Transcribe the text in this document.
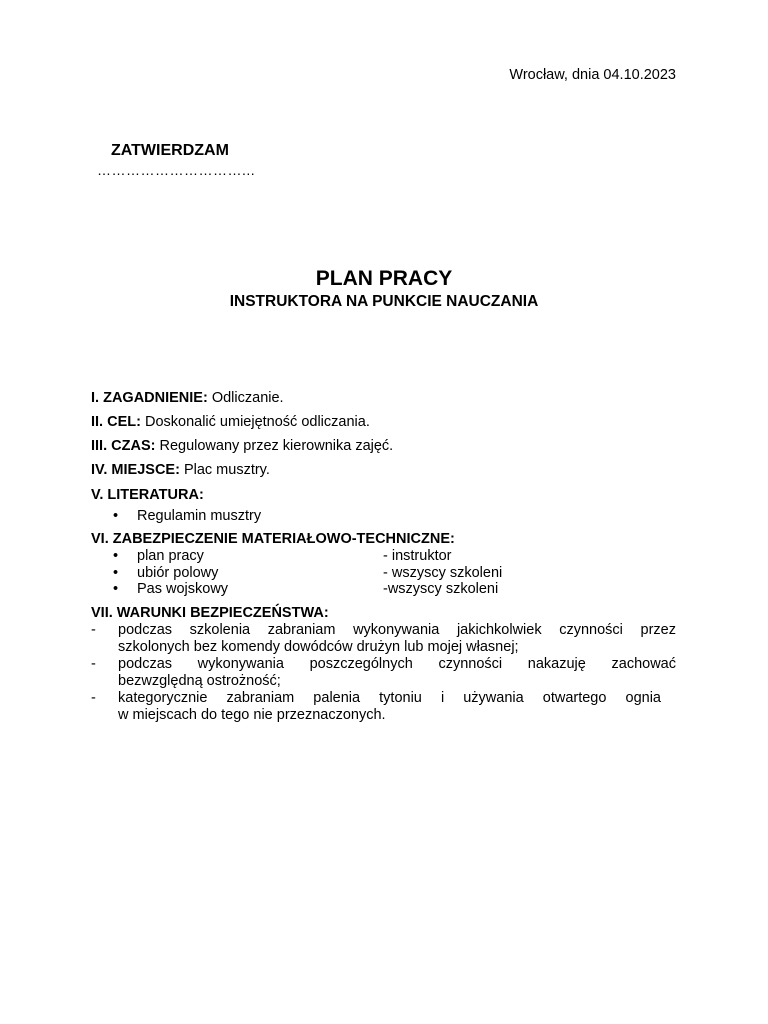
Wrocław, dnia 04.10.2023
ZATWIERDZAM
…………………………...
PLAN PRACY
INSTRUKTORA NA PUNKCIE NAUCZANIA
I. ZAGADNIENIE: Odliczanie.
II. CEL: Doskonalić umiejętność odliczania.
III. CZAS: Regulowany przez kierownika zajęć.
IV. MIEJSCE: Plac musztry.
V. LITERATURA:
• Regulamin musztry
VI. ZABEZPIECZENIE MATERIAŁOWO-TECHNICZNE:
• plan pracy	- instruktor
• ubiór polowy	- wszyscy szkoleni
• Pas wojskowy	-wszyscy szkoleni
VII. WARUNKI BEZPIECZEŃSTWA:
- podczas szkolenia zabraniam wykonywania jakichkolwiek czynności przez
szkolonych bez komendy dowódców drużyn lub mojej własnej;
- podczas wykonywania poszczególnych czynności nakazuję zachować
bezwzględną ostrożność;
- kategorycznie zabraniam palenia tytoniu i używania otwartego ognia
w miejscach do tego nie przeznaczonych.
